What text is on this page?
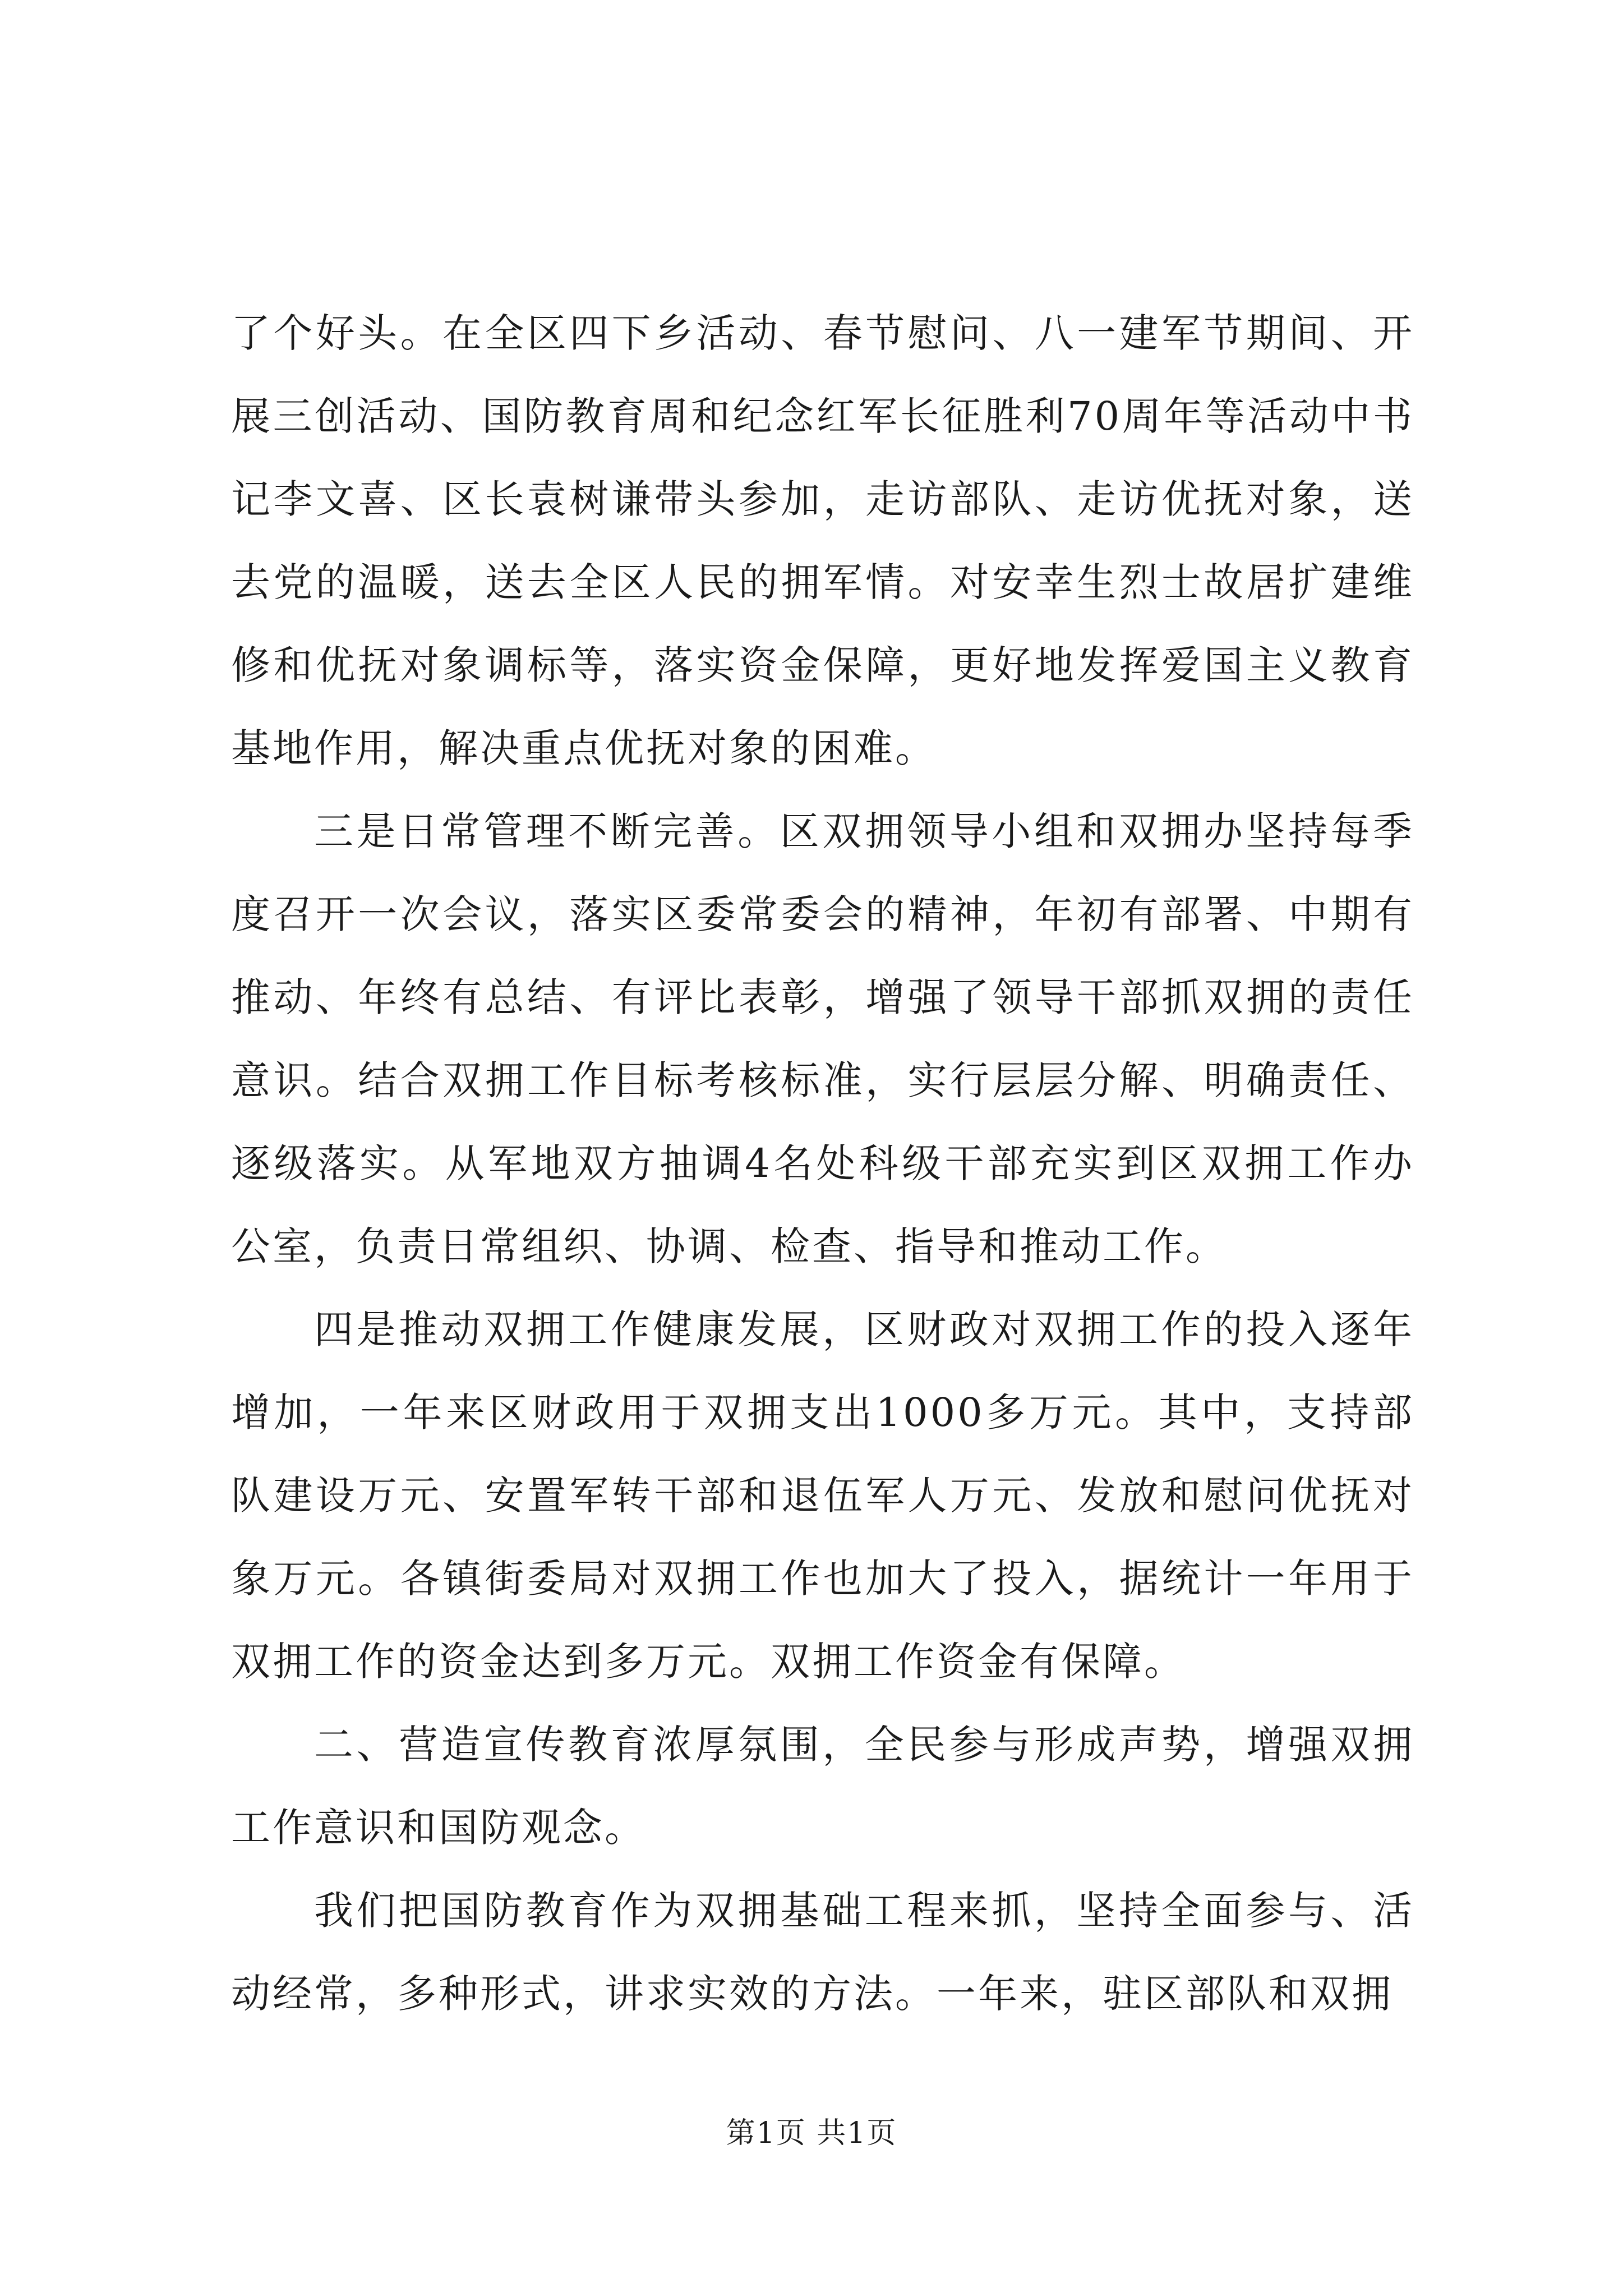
了个好头。在全区四下乡活动、春节慰问、八一建军节期间、开展三创活动、国防教育周和纪念红军长征胜利70周年等活动中书记李文喜、区长袁树谦带头参加，走访部队、走访优抚对象，送去党的温暖，送去全区人民的拥军情。对安幸生烈士故居扩建维修和优抚对象调标等，落实资金保障，更好地发挥爱国主义教育基地作用，解决重点优抚对象的困难。

三是日常管理不断完善。区双拥领导小组和双拥办坚持每季度召开一次会议，落实区委常委会的精神，年初有部署、中期有推动、年终有总结、有评比表彰，增强了领导干部抓双拥的责任意识。结合双拥工作目标考核标准，实行层层分解、明确责任、逐级落实。从军地双方抽调4名处科级干部充实到区双拥工作办公室，负责日常组织、协调、检查、指导和推动工作。

四是推动双拥工作健康发展，区财政对双拥工作的投入逐年增加，一年来区财政用于双拥支出1000多万元。其中，支持部队建设万元、安置军转干部和退伍军人万元、发放和慰问优抚对象万元。各镇街委局对双拥工作也加大了投入，据统计一年用于双拥工作的资金达到多万元。双拥工作资金有保障。

二、营造宣传教育浓厚氛围，全民参与形成声势，增强双拥工作意识和国防观念。

我们把国防教育作为双拥基础工程来抓，坚持全面参与、活动经常，多种形式，讲求实效的方法。一年来，驻区部队和双拥

第1页 共1页
